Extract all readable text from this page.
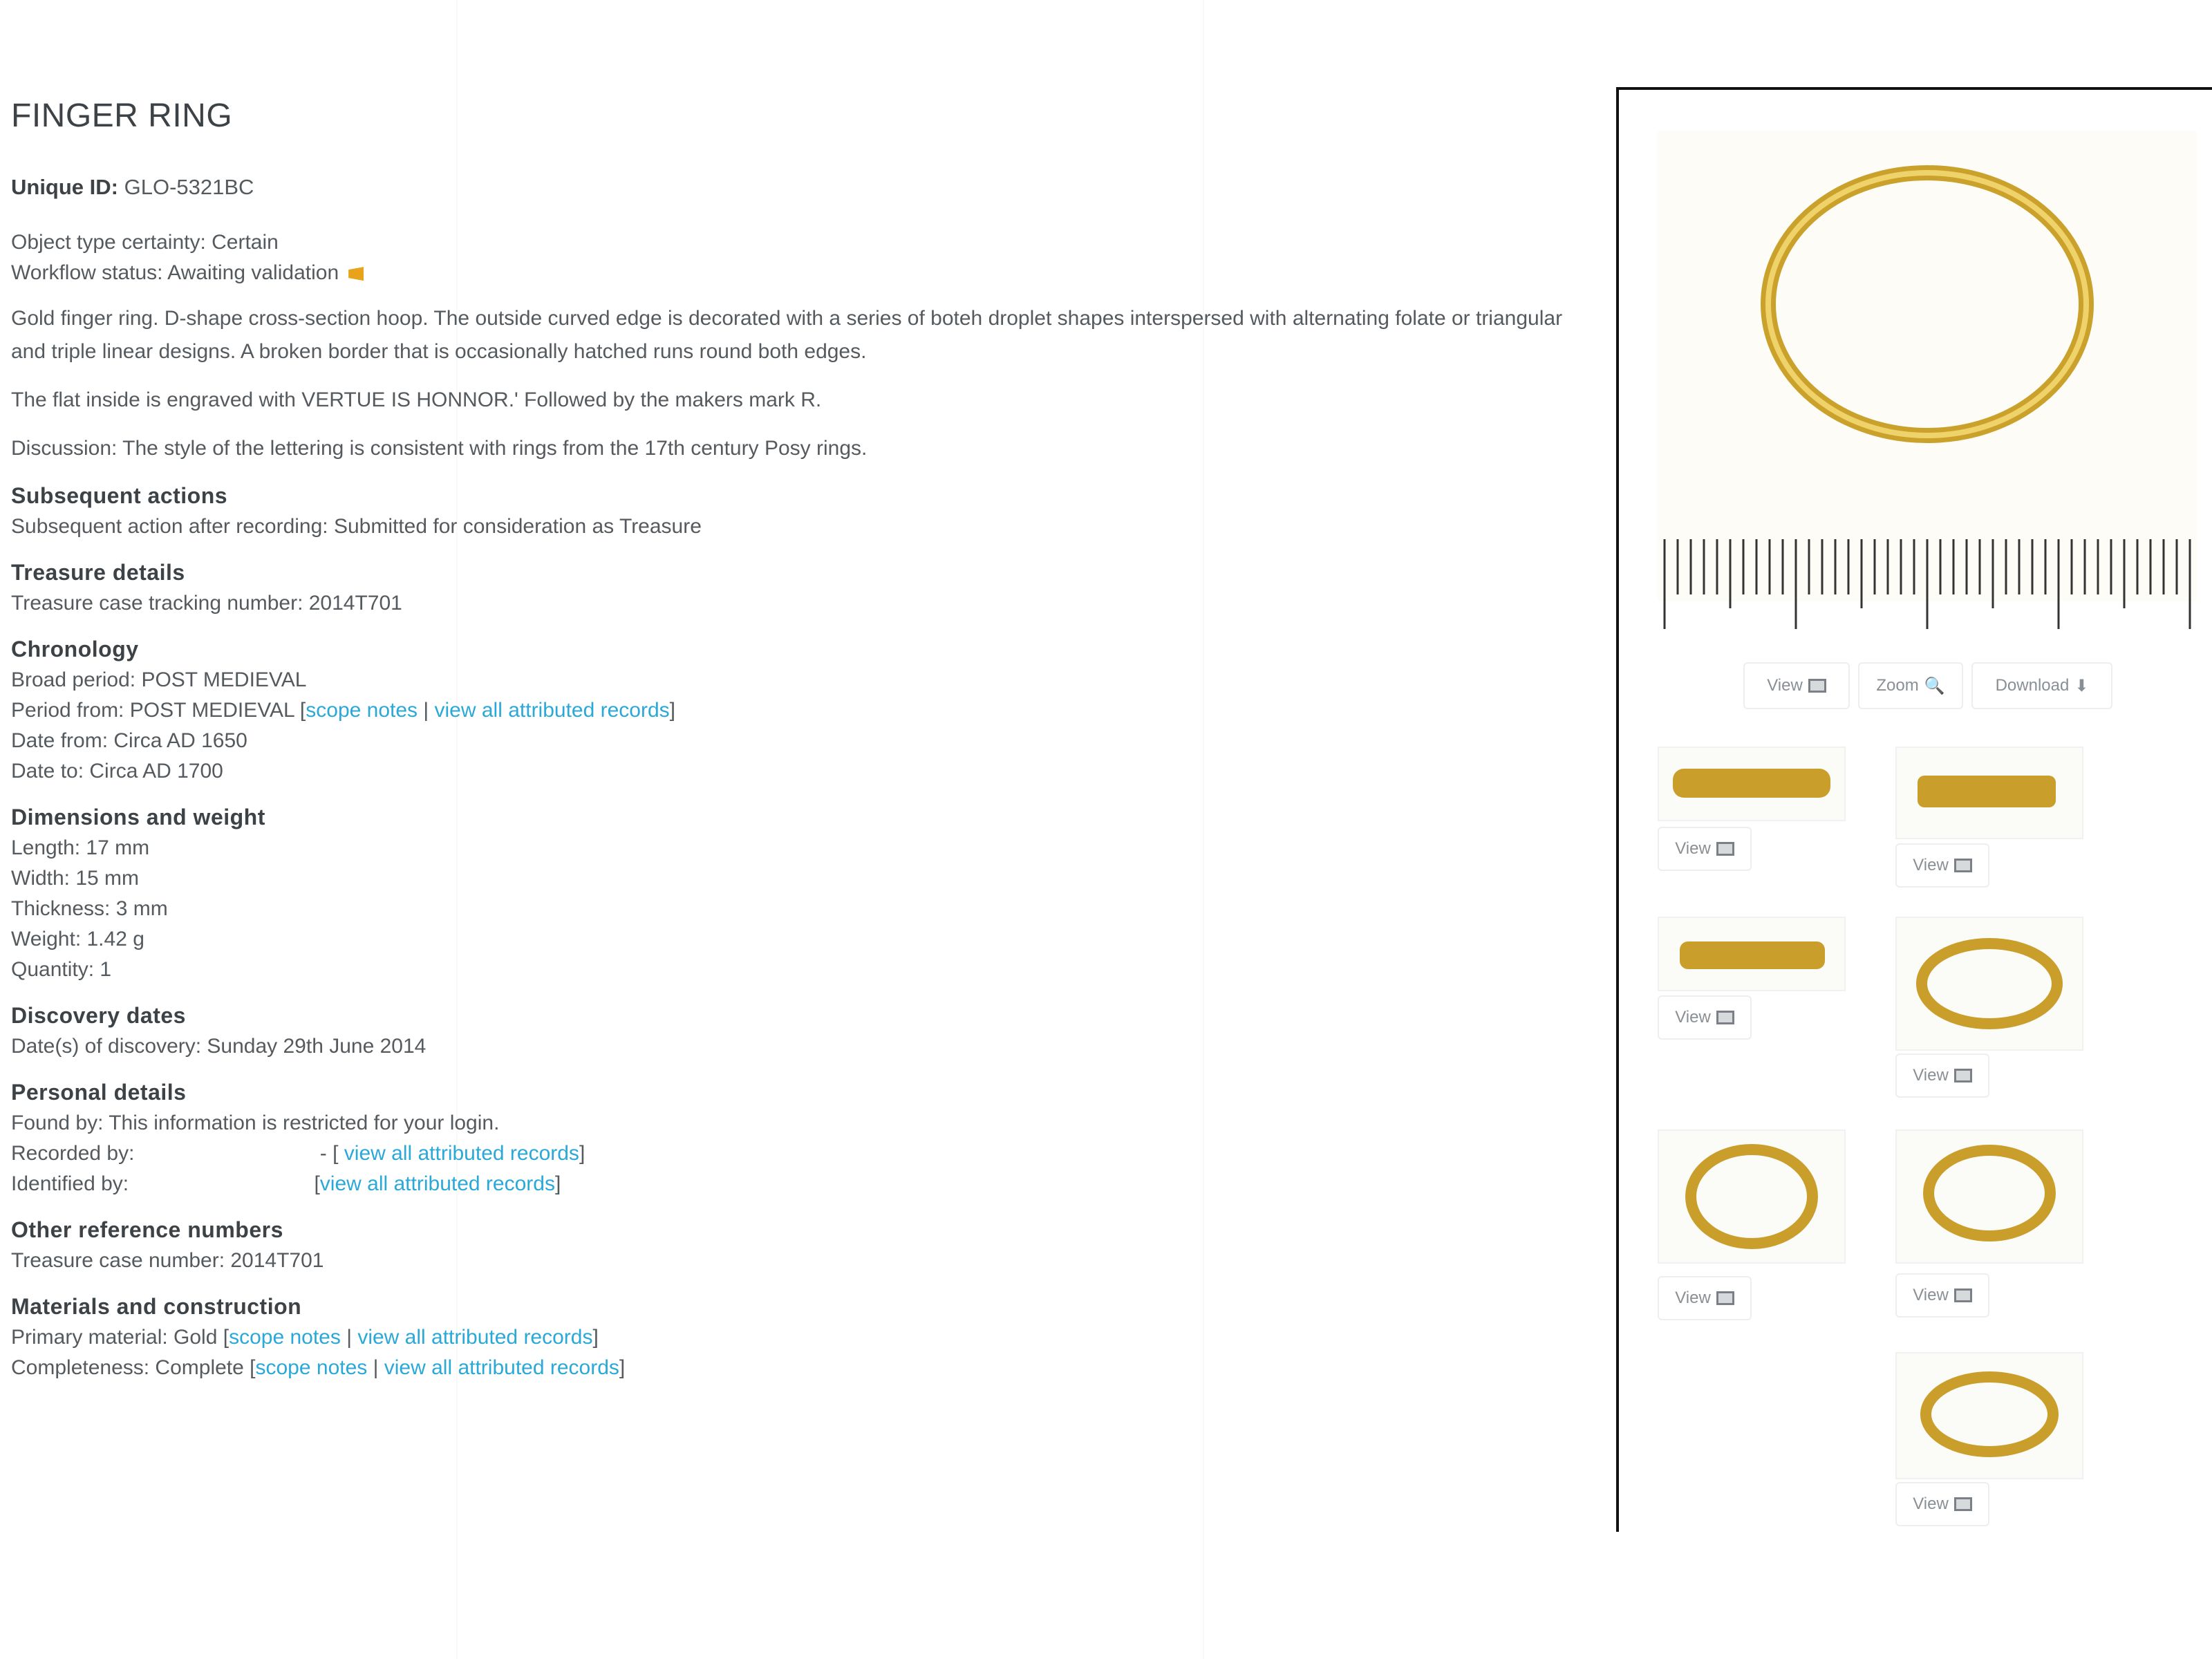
FINGER RING
Unique ID: GLO-5321BC
Object type certainty: Certain
Workflow status: Awaiting validation

Gold finger ring. D-shape cross-section hoop. The outside curved edge is decorated with a series of boteh droplet shapes interspersed with alternating folate or triangular and triple linear designs. A broken border that is occasionally hatched runs round both edges.

The flat inside is engraved with VERTUE IS HONNOR.' Followed by the makers mark R.

Discussion: The style of the lettering is consistent with rings from the 17th century Posy rings.

Subsequent actions
Subsequent action after recording: Submitted for consideration as Treasure
Treasure details
Treasure case tracking number: 2014T701
Chronology
Broad period: POST MEDIEVAL
Period from: POST MEDIEVAL [scope notes | view all attributed records]
Date from: Circa AD 1650
Date to: Circa AD 1700
Dimensions and weight
Length: 17 mm
Width: 15 mm
Thickness: 3 mm
Weight: 1.42 g
Quantity: 1
Discovery dates
Date(s) of discovery: Sunday 29th June 2014
Personal details
Found by: This information is restricted for your login.
Recorded by:	- [ view all attributed records]
Identified by:	[view all attributed records]
Other reference numbers
Treasure case number: 2014T701
Materials and construction
Primary material: Gold [scope notes | view all attributed records]
Completeness: Complete [scope notes | view all attributed records]
View	Zoom 🔍	Download ⬇
View
View
View
View
View	View
View
